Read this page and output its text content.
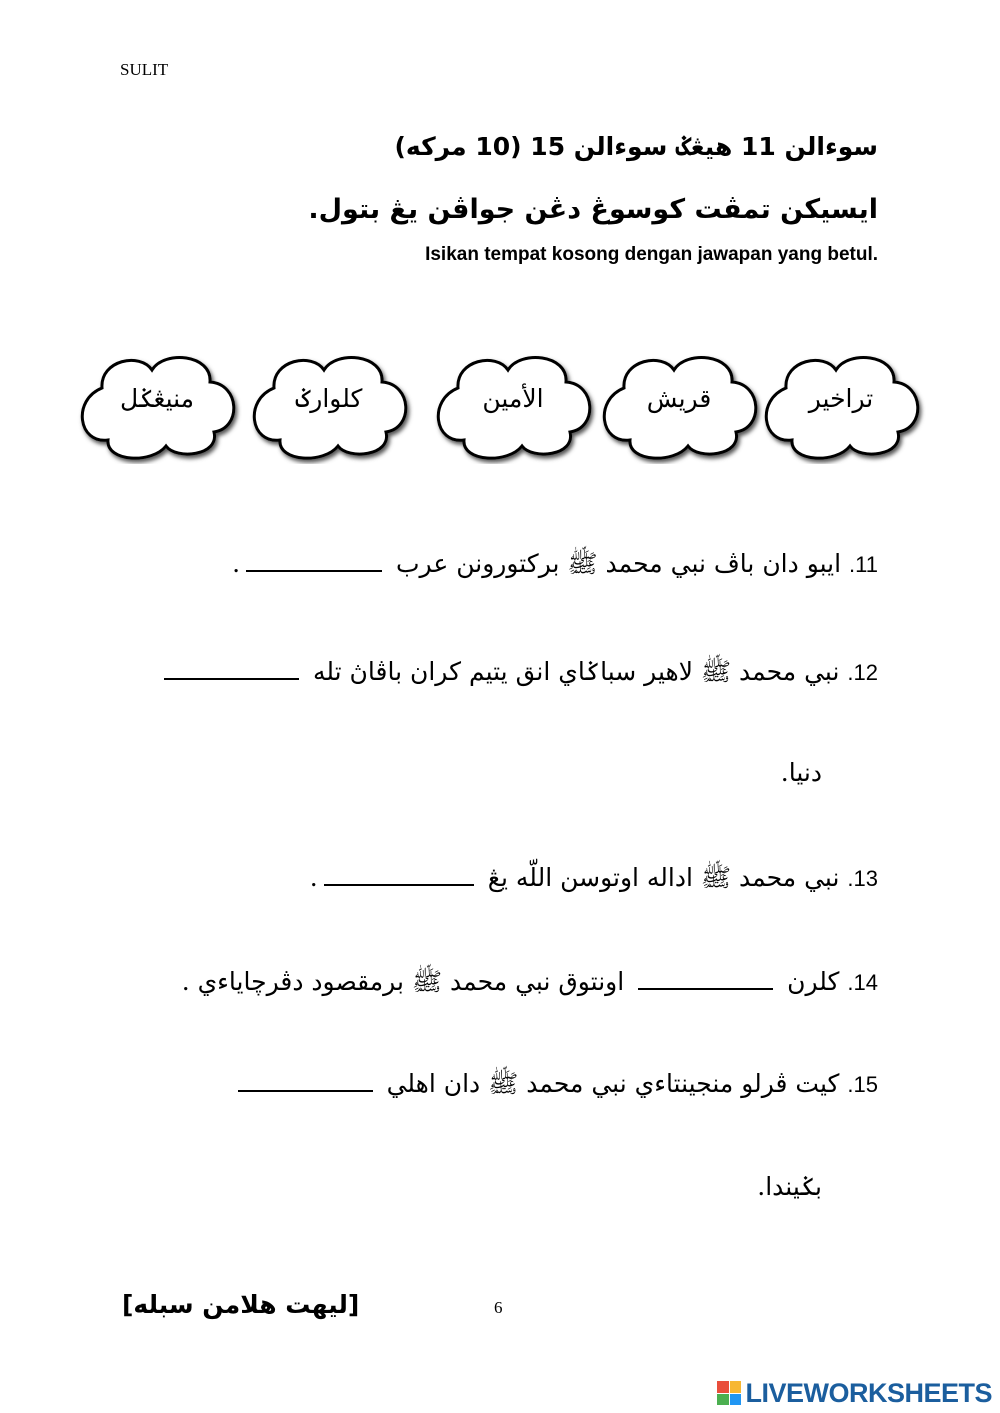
SULIT
سوءالن 11 هيڠݢ سوءالن 15 (10 مركه)
ايسيكن تمڤت كوسوڠ دڠن جواڤن يڠ بتول.
Isikan tempat kosong dengan jawapan yang betul.
تراخير
قريش
الأمين
كلوارݢ
منيڠݢل
11. ايبو دان باڤ نبي محمد ﷺ بركتورونن عرب .
12. نبي محمد ﷺ لاهير سباݢاي انق يتيم كران باڤاڽ تله
دنيا.
13. نبي محمد ﷺ اداله اوتوسن اللّه يڠ .
14. كلرن  اونتوق نبي محمد ﷺ برمقصود دڤرچاياءي .
15. كيت ڤرلو منجينتاءي نبي محمد ﷺ دان اهلي
بݢيندا.
[ليهت هلامن سبله]	6
LIVEWORKSHEETS
